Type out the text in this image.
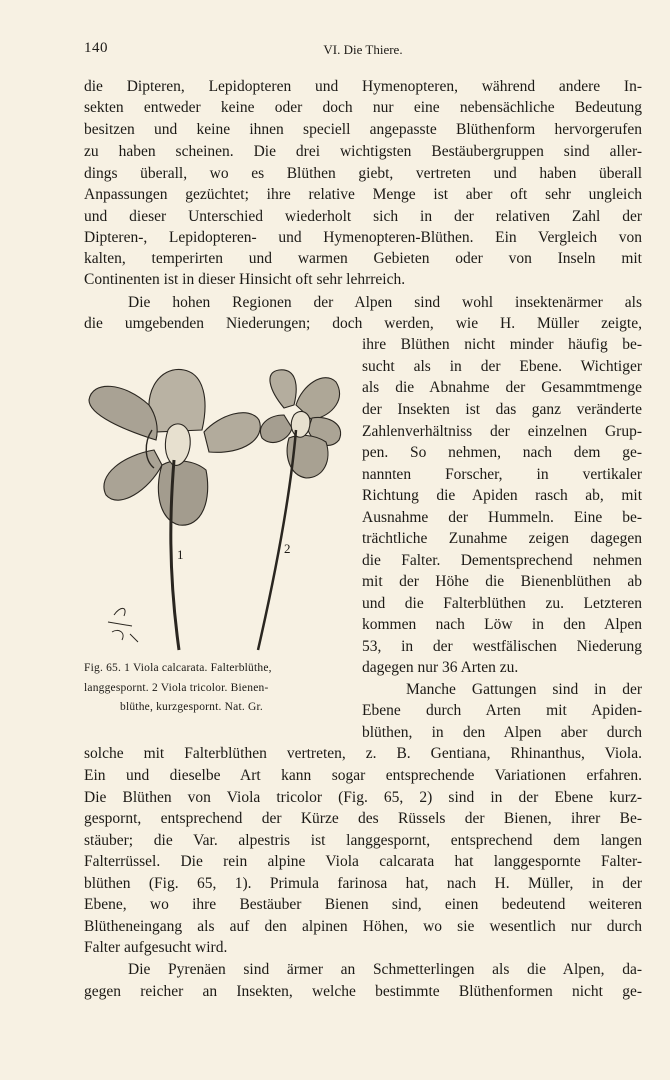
140	VI. Die Thiere.
die Dipteren, Lepidopteren und Hymenopteren, während andere In-
sekten entweder keine oder doch nur eine nebensächliche Bedeutung
besitzen und keine ihnen speciell angepasste Blüthenform hervorgerufen
zu haben scheinen. Die drei wichtigsten Bestäubergruppen sind aller-
dings überall, wo es Blüthen giebt, vertreten und haben überall
Anpassungen gezüchtet; ihre relative Menge ist aber oft sehr ungleich
und dieser Unterschied wiederholt sich in der relativen Zahl der
Dipteren-, Lepidopteren- und Hymenopteren-Blüthen. Ein Vergleich von
kalten, temperirten und warmen Gebieten oder von Inseln mit
Continenten ist in dieser Hinsicht oft sehr lehrreich.
Die hohen Regionen der Alpen sind wohl insektenärmer als
die umgebenden Niederungen; doch werden, wie H. Müller zeigte,
ihre Blüthen nicht minder häufig be-
sucht als in der Ebene. Wichtiger
als die Abnahme der Gesammtmenge
der Insekten ist das ganz veränderte
Zahlenverhältniss der einzelnen Grup-
pen. So nehmen, nach dem ge-
nannten Forscher, in vertikaler
Richtung die Apiden rasch ab, mit
Ausnahme der Hummeln. Eine be-
trächtliche Zunahme zeigen dagegen
die Falter. Dementsprechend nehmen
mit der Höhe die Bienenblüthen ab
und die Falterblüthen zu. Letzteren
kommen nach Löw in den Alpen
53, in der westfälischen Niederung
dagegen nur 36 Arten zu.
Manche Gattungen sind in der
Ebene durch Arten mit Apiden-
blüthen, in den Alpen aber durch
solche mit Falterblüthen vertreten, z. B. Gentiana, Rhinanthus, Viola.
Ein und dieselbe Art kann sogar entsprechende Variationen erfahren.
Die Blüthen von Viola tricolor (Fig. 65, 2) sind in der Ebene kurz-
gespornt, entsprechend der Kürze des Rüssels der Bienen, ihrer Be-
stäuber; die Var. alpestris ist langgespornt, entsprechend dem langen
Falterrüssel. Die rein alpine Viola calcarata hat langgespornte Falter-
blüthen (Fig. 65, 1). Primula farinosa hat, nach H. Müller, in der
Ebene, wo ihre Bestäuber Bienen sind, einen bedeutend weiteren
Blütheneingang als auf den alpinen Höhen, wo sie wesentlich nur durch
Falter aufgesucht wird.
Die Pyrenäen sind ärmer an Schmetterlingen als die Alpen, da-
gegen reicher an Insekten, welche bestimmte Blüthenformen nicht ge-
1	2
Fig. 65. 1 Viola calcarata. Falterblüthe,
langgespornt. 2 Viola tricolor. Bienen-
blüthe, kurzgespornt. Nat. Gr.
